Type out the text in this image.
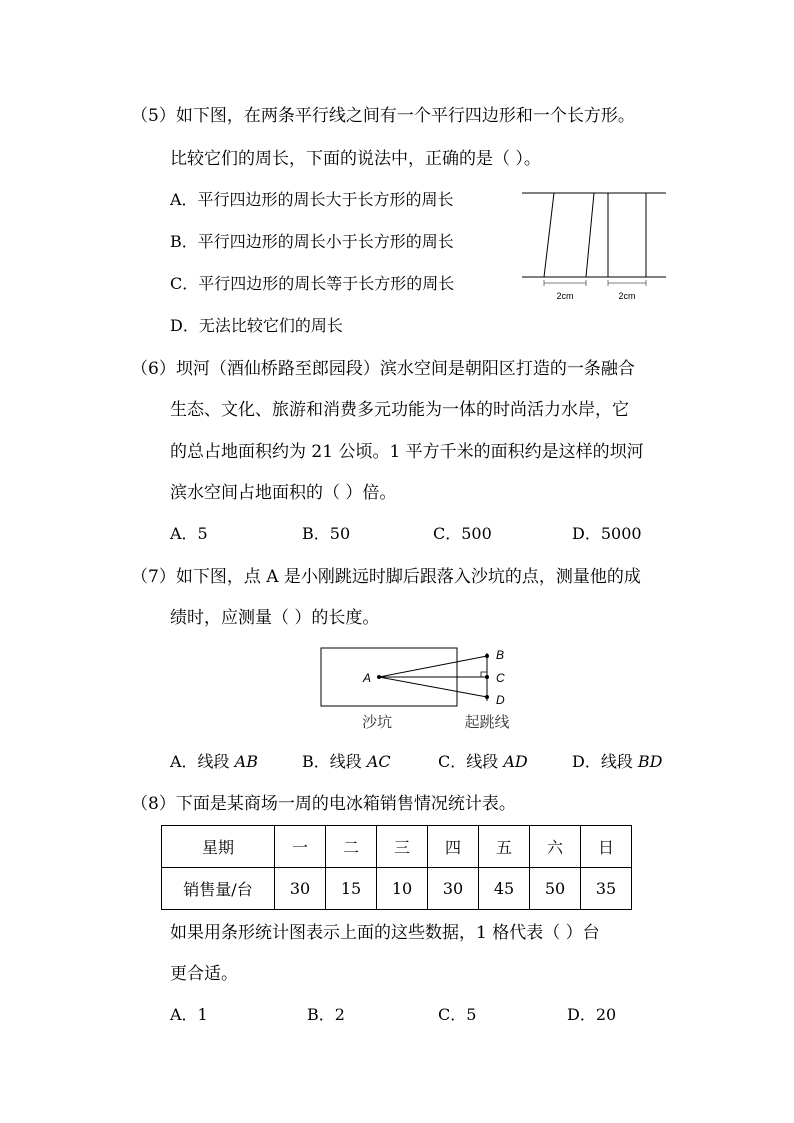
（5）如下图，在两条平行线之间有一个平行四边形和一个长方形。
比较它们的周长，下面的说法中，正确的是（ ）。
A．平行四边形的周长大于长方形的周长
B．平行四边形的周长小于长方形的周长
C．平行四边形的周长等于长方形的周长
D．无法比较它们的周长
2cm	2cm
（6）坝河（酒仙桥路至郎园段）滨水空间是朝阳区打造的一条融合
生态、文化、旅游和消费多元功能为一体的时尚活力水岸，它
的总占地面积约为 21 公顷。1 平方千米的面积约是这样的坝河
滨水空间占地面积的（ ）倍。
A．5	B．50	C．500	D．5000
（7）如下图，点 A 是小刚跳远时脚后跟落入沙坑的点，测量他的成
绩时，应测量（ ）的长度。
A
B
C
D
沙坑	起跳线
A．线段 AB	B．线段 AC	C．线段 AD	D．线段 BD
（8）下面是某商场一周的电冰箱销售情况统计表。
星期	一	二	三	四	五	六	日
销售量/台	30	15	10	30	45	50	35
如果用条形统计图表示上面的这些数据，1 格代表（ ）台
更合适。
A．1	B．2	C．5	D．20
